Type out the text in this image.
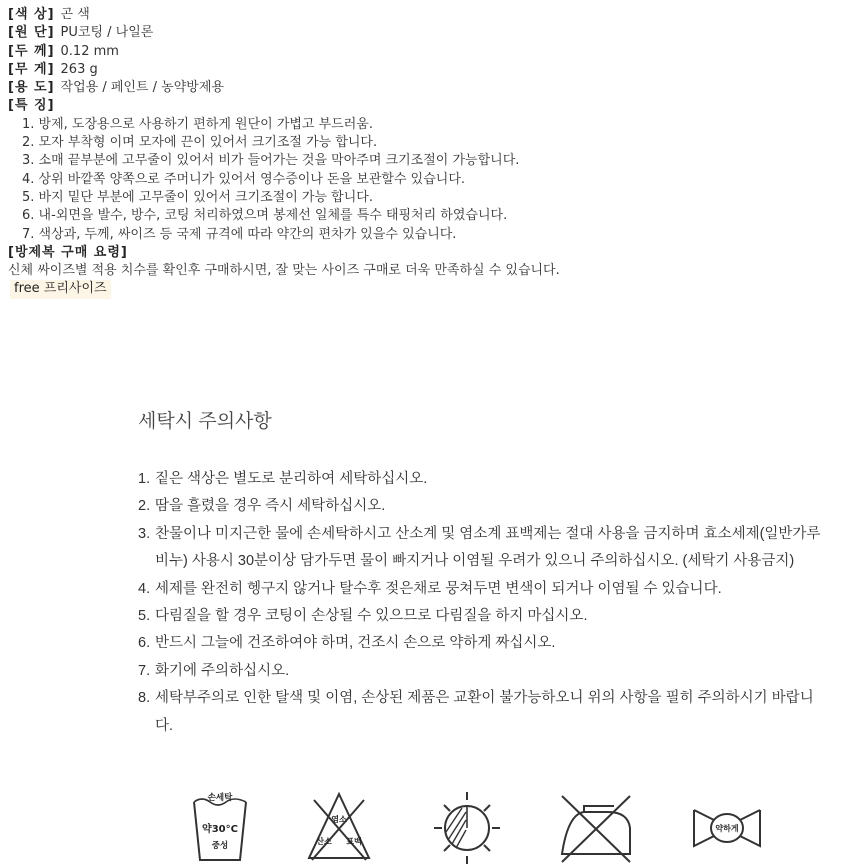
[색 상] 곤 색
[원 단] PU코팅 / 나일론
[두 께] 0.12 mm
[무 게] 263 g
[용 도] 작업용 / 페인트 / 농약방제용
[특 징]
1. 방제, 도장용으로 사용하기 편하게 원단이 가볍고 부드러움.
2. 모자 부착형 이며 모자에 끈이 있어서 크기조절 가능 합니다.
3. 소매 끝부분에 고무줄이 있어서 비가 들어가는 것을 막아주며 크기조절이 가능합니다.
4. 상위 바깥쪽 양쪽으로 주머니가 있어서 영수증이나 돈을 보관할수 있습니다.
5. 바지 밑단 부분에 고무줄이 있어서 크기조절이 가능 합니다.
6. 내-외면을 발수, 방수, 코팅 처리하였으며 봉제선 일체를 특수 태핑처리 하였습니다.
7. 색상과, 두께, 싸이즈 등 국제 규격에 따라 약간의 편차가 있을수 있습니다.
[방제복 구매 요령]
신체 싸이즈별 적용 치수를 확인후 구매하시면, 잘 맞는 사이즈 구매로 더욱 만족하실 수 있습니다.
free 프리사이즈
세탁시 주의사항
1. 짙은 색상은 별도로 분리하여 세탁하십시오.
2. 땀을 흘렸을 경우 즉시 세탁하십시오.
3. 찬물이나 미지근한 물에 손세탁하시고 산소계 및 염소계 표백제는 절대 사용을 금지하며 효소세제(일반가루비누) 사용시 30분이상 담가두면 물이 빠지거나 이염될 우려가 있으니 주의하십시오. (세탁기 사용금지)
4. 세제를 완전히 헹구지 않거나 탈수후 젖은채로 뭉쳐두면 변색이 되거나 이염될 수 있습니다.
5. 다림질을 할 경우 코팅이 손상될 수 있으므로 다림질을 하지 마십시오.
6. 반드시 그늘에 건조하여야 하며, 건조시 손으로 약하게 짜십시오.
7. 화기에 주의하십시오.
8. 세탁부주의로 인한 탈색 및 이염, 손상된 제품은 교환이 불가능하오니 위의 사항을 필히 주의하시기 바랍니다.
손세탁
약30°C
중성
염소
산소 표백
약하게
